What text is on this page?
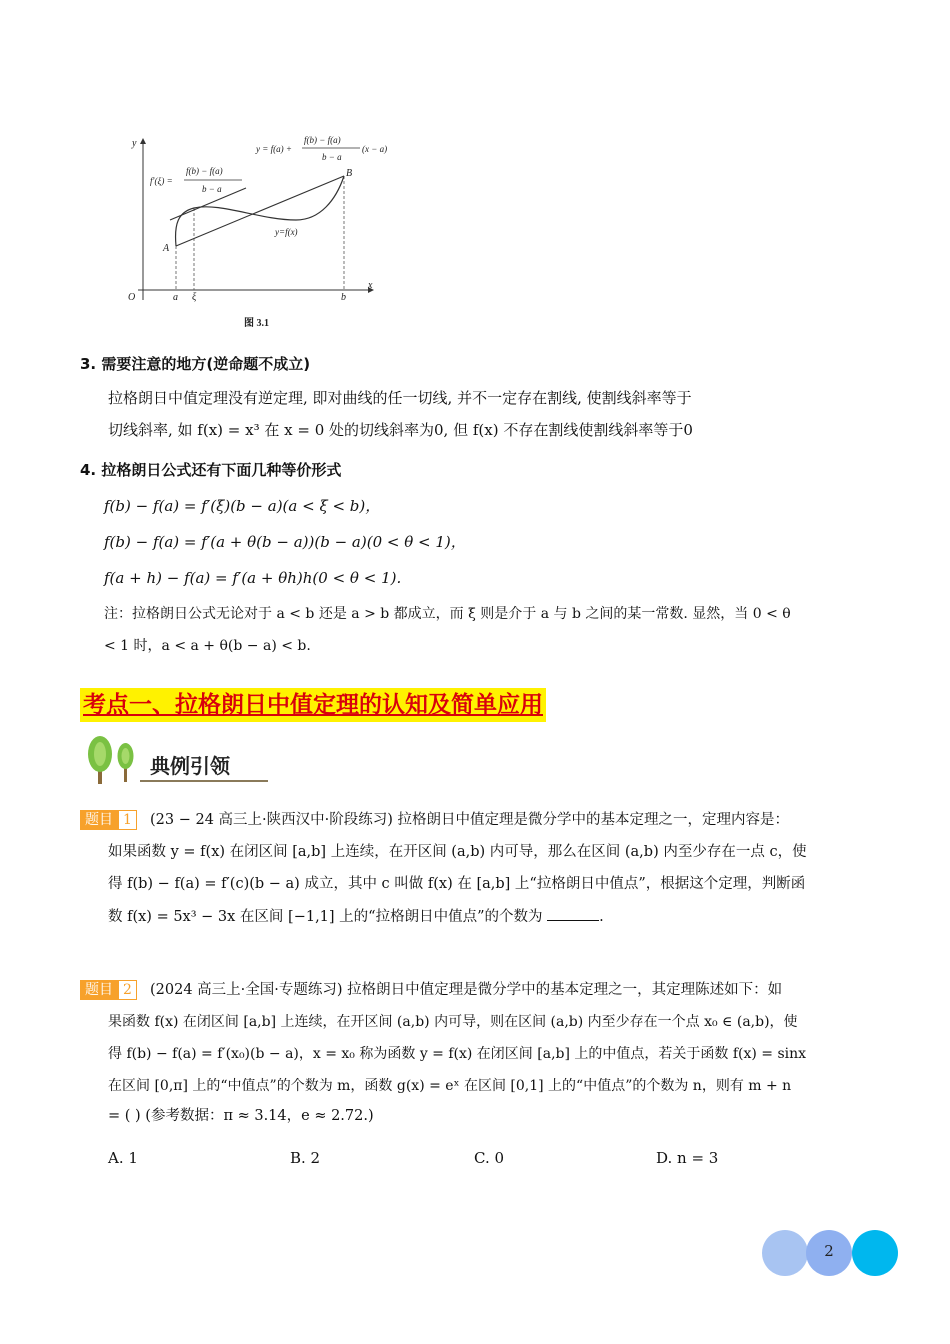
y
x
O	a ξ	b
A
B
y=f(x)
y = f(a) +
f(b) − f(a)
b − a
(x − a)
f′(ξ) =
f(b) − f(a)
b − a
图 3.1
3. 需要注意的地方(逆命题不成立)
拉格朗日中值定理没有逆定理, 即对曲线的任一切线, 并不一定存在割线, 使割线斜率等于
切线斜率, 如 f(x) = x³ 在 x = 0 处的切线斜率为0, 但 f(x) 不存在割线使割线斜率等于0
4. 拉格朗日公式还有下面几种等价形式
f(b) − f(a) = f′(ξ)(b − a)(a < ξ < b)，
f(b) − f(a) = f′(a + θ(b − a))(b − a)(0 < θ < 1)，
f(a + h) − f(a) = f′(a + θh)h(0 < θ < 1).
注：拉格朗日公式无论对于 a < b 还是 a > b 都成立，而 ξ 则是介于 a 与 b 之间的某一常数. 显然，当 0 < θ
< 1 时，a < a + θ(b − a) < b.
考点一、拉格朗日中值定理的认知及简单应用
典例引领
题目 1	(23 − 24 高三上·陕西汉中·阶段练习) 拉格朗日中值定理是微分学中的基本定理之一，定理内容是：
如果函数 y = f(x) 在闭区间 [a,b] 上连续，在开区间 (a,b) 内可导，那么在区间 (a,b) 内至少存在一点 c，使
得 f(b) − f(a) = f′(c)(b − a) 成立，其中 c 叫做 f(x) 在 [a,b] 上“拉格朗日中值点”，根据这个定理，判断函
数 f(x) = 5x³ − 3x 在区间 [−1,1] 上的“拉格朗日中值点”的个数为	.
题目 2	(2024 高三上·全国·专题练习) 拉格朗日中值定理是微分学中的基本定理之一，其定理陈述如下：如
果函数 f(x) 在闭区间 [a,b] 上连续，在开区间 (a,b) 内可导，则在区间 (a,b) 内至少存在一个点 x₀ ∈ (a,b)，使
得 f(b) − f(a) = f′(x₀)(b − a)，x = x₀ 称为函数 y = f(x) 在闭区间 [a,b] 上的中值点，若关于函数 f(x) = sinx
在区间 [0,π] 上的“中值点”的个数为 m，函数 g(x) = eˣ 在区间 [0,1] 上的“中值点”的个数为 n，则有 m + n
= ( ) (参考数据：π ≈ 3.14，e ≈ 2.72.)
A. 1	B. 2	C. 0	D. n = 3
2
